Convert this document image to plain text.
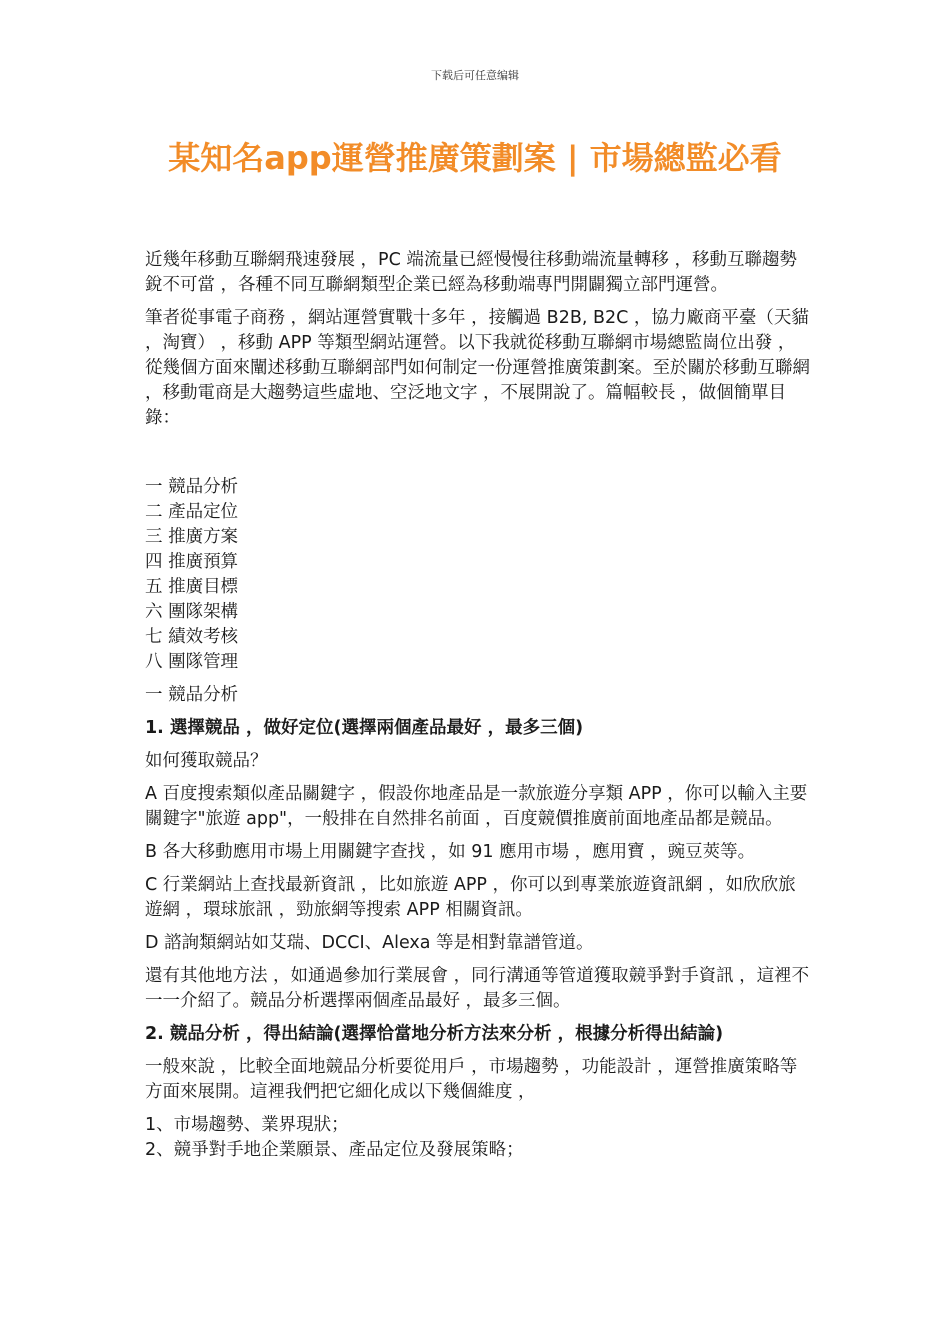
下载后可任意编辑
某知名app運營推廣策劃案 | 市場總監必看

近幾年移動互聯網飛速發展 ，PC 端流量已經慢慢往移動端流量轉移 ，移動互聯趨勢銳不可當 ，各種不同互聯網類型企業已經為移動端專門開闢獨立部門運營。

筆者從事電子商務 ，網站運營實戰十多年 ，接觸過 B2B, B2C ，協力廠商平臺（天貓 ，淘寶） ，移動 APP 等類型網站運營。以下我就從移動互聯網市場總監崗位出發 ，從幾個方面來闡述移動互聯網部門如何制定一份運營推廣策劃案。至於關於移動互聯網 ，移動電商是大趨勢這些虛地、空泛地文字 ，不展開說了。篇幅較長 ，做個簡單目錄：

一 競品分析
二 產品定位
三 推廣方案
四 推廣預算
五 推廣目標
六 團隊架構
七 績效考核
八 團隊管理

一 競品分析

1. 選擇競品 ，做好定位(選擇兩個產品最好 ，最多三個)

如何獲取競品？

A 百度搜索類似產品關鍵字 ，假設你地產品是一款旅遊分享類 APP ，你可以輸入主要關鍵字"旅遊 app"，一般排在自然排名前面 ，百度競價推廣前面地產品都是競品。

B 各大移動應用市場上用關鍵字查找 ，如 91 應用市場 ，應用寶 ，豌豆莢等。

C 行業網站上查找最新資訊 ，比如旅遊 APP ，你可以到專業旅遊資訊網 ，如欣欣旅遊網 ，環球旅訊 ，勁旅網等搜索 APP 相關資訊。

D 諮詢類網站如艾瑞、DCCI、Alexa 等是相對靠譜管道。

還有其他地方法 ，如通過參加行業展會 ，同行溝通等管道獲取競爭對手資訊 ，這裡不一一介紹了。競品分析選擇兩個產品最好 ，最多三個。

2. 競品分析 ，得出結論(選擇恰當地分析方法來分析 ，根據分析得出結論)

一般來說 ，比較全面地競品分析要從用戶 ，市場趨勢 ，功能設計 ，運營推廣策略等方面來展開。這裡我們把它細化成以下幾個維度 ，

1、市場趨勢、業界現狀；
2、競爭對手地企業願景、產品定位及發展策略；
